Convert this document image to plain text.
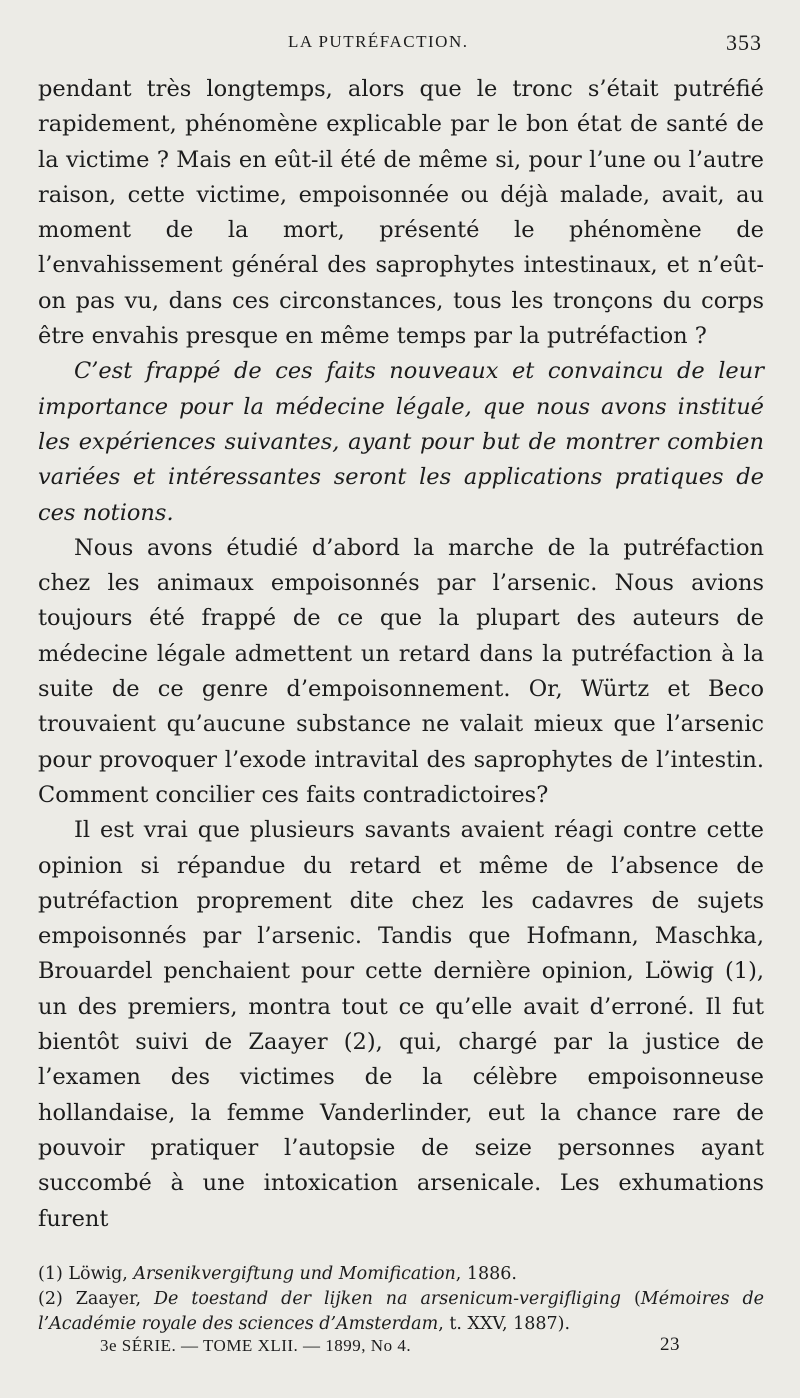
LA PUTRÉFACTION.	353

pendant très longtemps, alors que le tronc s’était putréfié rapidement, phénomène explicable par le bon état de santé de la victime ? Mais en eût-il été de même si, pour l’une ou l’autre raison, cette victime, empoisonnée ou déjà malade, avait, au moment de la mort, présenté le phénomène de l’envahissement général des saprophytes intestinaux, et n’eût-on pas vu, dans ces circonstances, tous les tronçons du corps être envahis presque en même temps par la putréfaction ?

C’est frappé de ces faits nouveaux et convaincu de leur importance pour la médecine légale, que nous avons institué les expériences suivantes, ayant pour but de montrer combien variées et intéressantes seront les applications pratiques de ces notions.

Nous avons étudié d’abord la marche de la putréfaction chez les animaux empoisonnés par l’arsenic. Nous avions toujours été frappé de ce que la plupart des auteurs de médecine légale admettent un retard dans la putréfaction à la suite de ce genre d’empoisonnement. Or, Würtz et Beco trouvaient qu’aucune substance ne valait mieux que l’arsenic pour provoquer l’exode intravital des saprophytes de l’intestin. Comment concilier ces faits contradictoires?

Il est vrai que plusieurs savants avaient réagi contre cette opinion si répandue du retard et même de l’absence de putréfaction proprement dite chez les cadavres de sujets empoisonnés par l’arsenic. Tandis que Hofmann, Maschka, Brouardel penchaient pour cette dernière opinion, Löwig (1), un des premiers, montra tout ce qu’elle avait d’erroné. Il fut bientôt suivi de Zaayer (2), qui, chargé par la justice de l’examen des victimes de la célèbre empoisonneuse hollandaise, la femme Vanderlinder, eut la chance rare de pouvoir pratiquer l’autopsie de seize personnes ayant succombé à une intoxication arsenicale. Les exhumations furent

(1) Löwig, Arsenikvergiftung und Momification, 1886.

(2) Zaayer, De toestand der lijken na arsenicum-vergifliging (Mémoires de l’Académie royale des sciences d’Amsterdam, t. XXV, 1887).

3e SÉRIE. — TOME XLII. — 1899, No 4.	23
